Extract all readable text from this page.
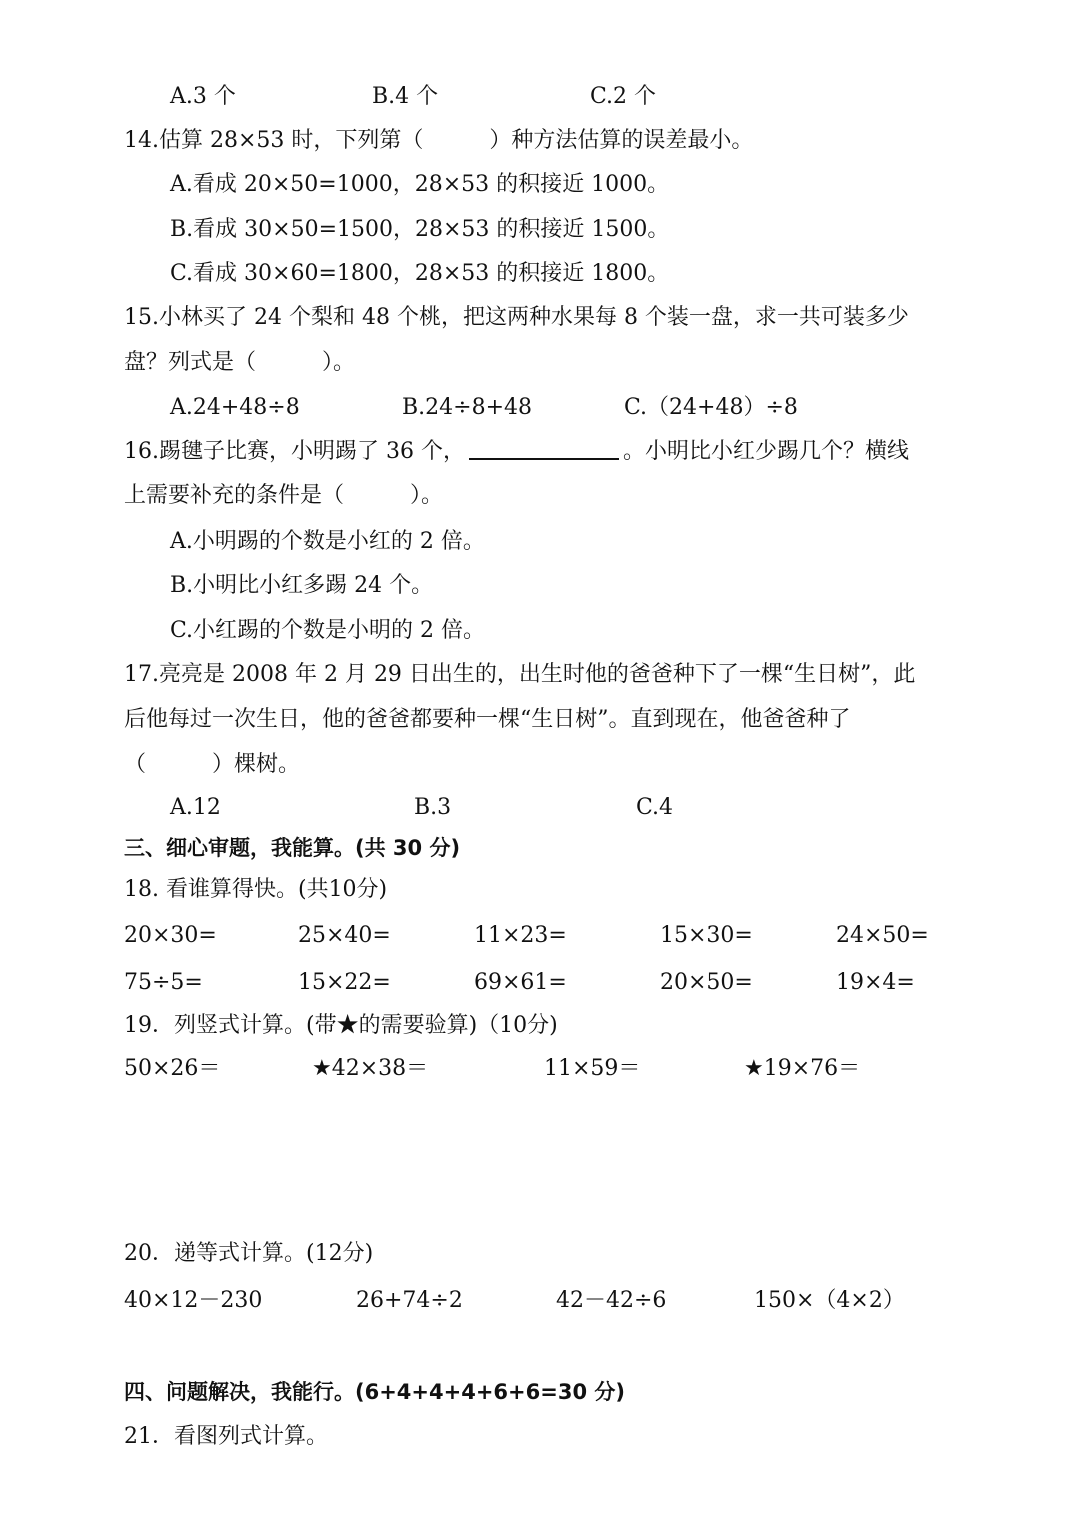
A.3 个	B.4 个	C.2 个
14.估算 28×53 时，下列第（　　　）种方法估算的误差最小。
A.看成 20×50=1000，28×53 的积接近 1000。
B.看成 30×50=1500，28×53 的积接近 1500。
C.看成 30×60=1800，28×53 的积接近 1800。
15.小林买了 24 个梨和 48 个桃，把这两种水果每 8 个装一盘，求一共可装多少
盘？列式是（　　　）。
A.24+48÷8	B.24÷8+48	C.（24+48）÷8
16.踢毽子比赛，小明踢了 36 个，	。小明比小红少踢几个？横线
上需要补充的条件是（　　　）。
A.小明踢的个数是小红的 2 倍。
B.小明比小红多踢 24 个。
C.小红踢的个数是小明的 2 倍。
17.亮亮是 2008 年 2 月 29 日出生的，出生时他的爸爸种下了一棵“生日树”，此
后他每过一次生日，他的爸爸都要种一棵“生日树”。直到现在，他爸爸种了
（　　　）棵树。
A.12	B.3	C.4
三、细心审题，我能算。(共 30 分)
18. 看谁算得快。(共10分)
20×30=	25×40=	11×23=	15×30=	24×50=
75÷5=	15×22=	69×61=	20×50=	19×4=
19．列竖式计算。(带★的需要验算)（10分)
50×26＝	★42×38＝	11×59＝	★19×76＝
20．递等式计算。(12分)
40×12－230	26+74÷2	42－42÷6	150×（4×2）
四、问题解决，我能行。(6+4+4+4+6+6=30 分)
21．看图列式计算。
